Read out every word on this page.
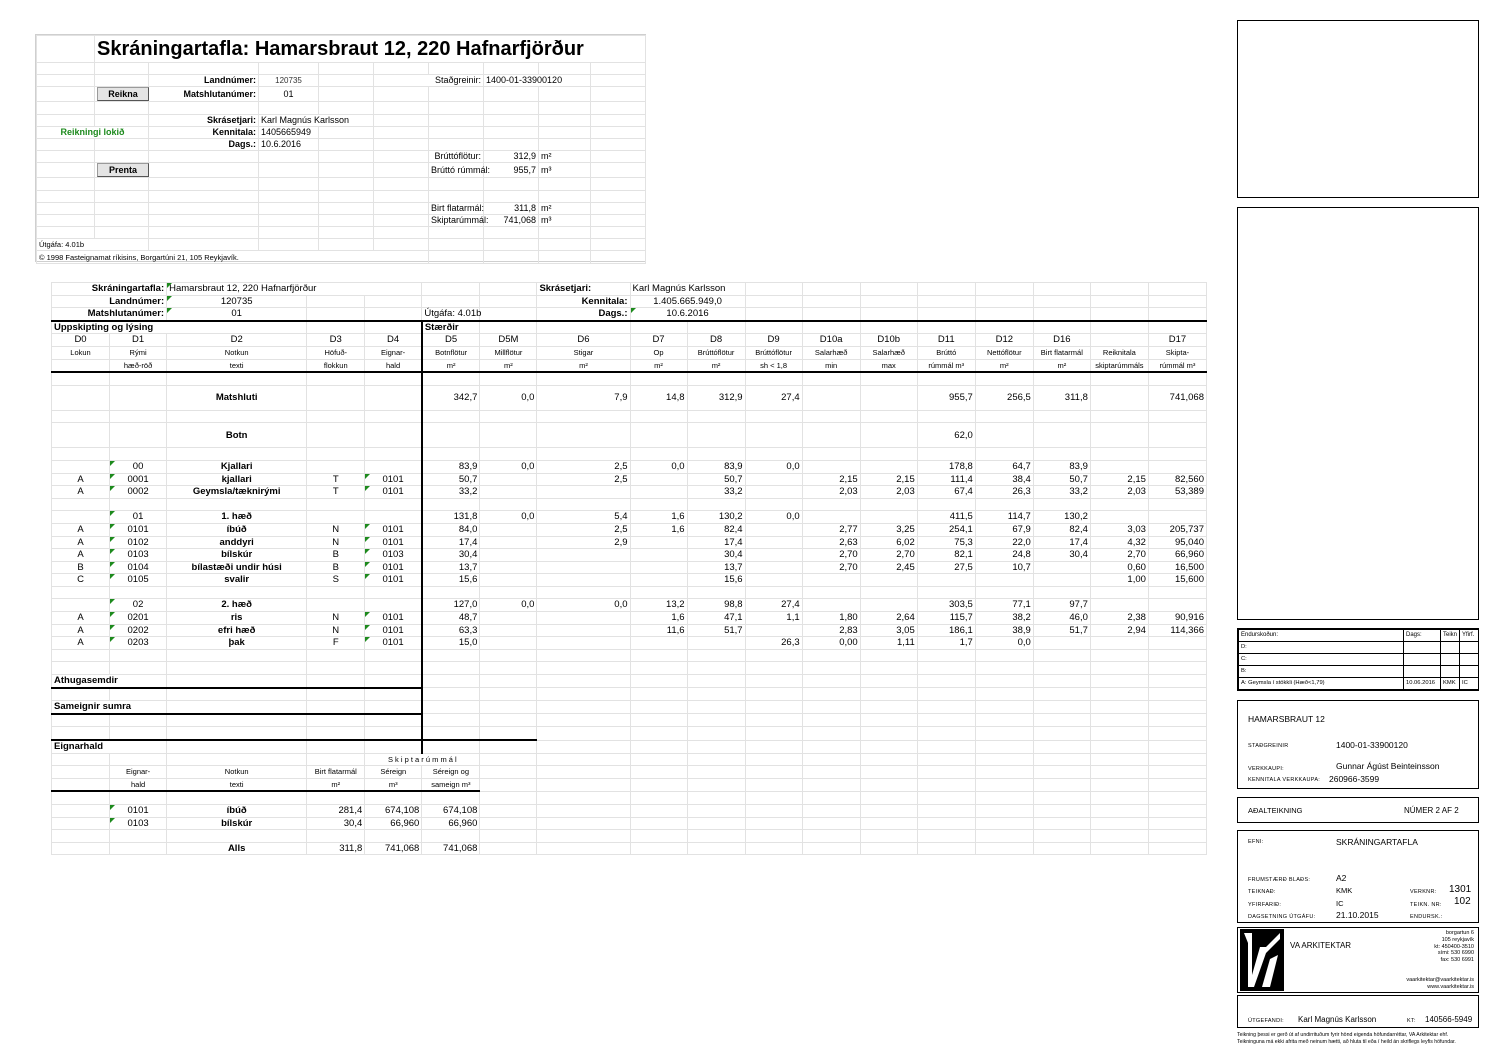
	Skráningartafla: Hamarsbraut 12, 220 Hafnarfjörður								

		Landnúmer:	120735		Staðgreinir:		1400-01-33900120		
	Reikna	Matshlutanúmer:	01						

		Skrásetjari:	Karl Magnús Karlsson						
Reikningi lokið		Kennitala:	1405665949						
		Dags.:	10.6.2016						
						Brúttóflötur:	312,9	m²	
	Prenta					Brúttó rúmmál:	955,7	m³	

						Birt flatarmál:	311,8	m²	
						Skiptarúmmál:	741,068	m³	

Útgáfa: 4.01b									
© 1998 Fasteignamat ríkisins, Borgartúni 21, 105 Reykjavík.									
Skráningartafla:		Hamarsbraut 12, 220 Hafnarfjörður					Skrásetjari:	Karl Magnús Karlsson									
Landnúmer:		120735					Kennitala:	1.405.665.949,0									
Matshlutanúmer:		01			Útgáfa: 4.01b		Dags.:	10.6.2016									
Uppskipting og lýsing					Stærðir												
D0	D1	D2	D3	D4	D5	D5M	D6	D7	D8	D9	D10a	D10b	D11	D12	D16		D17
Lokun	Rými	Notkun	Höfuð-	Eignar-	Botnflötur	Millflötur	Stigar	Op	Brúttóflötur	Brúttóflötur	Salarhæð	Salarhæð	Brúttó	Nettóflötur	Birt flatarmál	Reiknitala	Skipta-
	hæð-röð	texti	flokkun	hald	m²	m²	m²	m²	m²	sh < 1,8	min	max	rúmmál m³	m²	m²	skiptarúmmáls	rúmmál m³

		Matshluti			342,7	0,0	7,9	14,8	312,9	27,4			955,7	256,5	311,8		741,068

		Botn											62,0				

	00	Kjallari			83,9	0,0	2,5	0,0	83,9	0,0			178,8	64,7	83,9		
A	0001	kjallari	T	0101	50,7		2,5		50,7		2,15	2,15	111,4	38,4	50,7	2,15	82,560
A	0002	Geymsla/tæknirými	T	0101	33,2				33,2		2,03	2,03	67,4	26,3	33,2	2,03	53,389

	01	1. hæð			131,8	0,0	5,4	1,6	130,2	0,0			411,5	114,7	130,2		
A	0101	íbúð	N	0101	84,0		2,5	1,6	82,4		2,77	3,25	254,1	67,9	82,4	3,03	205,737
A	0102	anddyri	N	0101	17,4		2,9		17,4		2,63	6,02	75,3	22,0	17,4	4,32	95,040
A	0103	bílskúr	B	0103	30,4				30,4		2,70	2,70	82,1	24,8	30,4	2,70	66,960
B	0104	bílastæði undir húsi	B	0101	13,7				13,7		2,70	2,45	27,5	10,7		0,60	16,500
C	0105	svalir	S	0101	15,6				15,6							1,00	15,600

	02	2. hæð			127,0	0,0	0,0	13,2	98,8	27,4			303,5	77,1	97,7		
A	0201	ris	N	0101	48,7			1,6	47,1	1,1	1,80	2,64	115,7	38,2	46,0	2,38	90,916
A	0202	efri hæð	N	0101	63,3			11,6	51,7		2,83	3,05	186,1	38,9	51,7	2,94	114,366
A	0203	þak	F	0101	15,0					26,3	0,00	1,11	1,7	0,0			

Athugasemdir																	

Sameignir sumra																	

Eignarhald																	
				S k i p t a r ú m m á l													
	Eignar-	Notkun	Birt flatarmál	Séreign	Séreign og												
	hald	texti	m²	m³	sameign m³												

	0101	íbúð	281,4	674,108	674,108												
	0103	bílskúr	30,4	66,960	66,960												

		Alls	311,8	741,068	741,068												
Endurskoðun:	Dags:	Teikn	Yfirf.
D:			
C:			
B:			
A: Geymsla í stökkli (Hæð<1,79)	10.06.2016	KMK	IC
HAMARSBRAUT 12
STAÐGREINIR	1400-01-33900120
VERKKAUPI:	Gunnar Ágúst Beinteinsson
KENNITALA VERKKAUPA: 260966-3599
AÐALTEIKNING	NÚMER 2 AF 2
EFNI:	SKRÁNINGARTAFLA
FRUMSTÆRÐ BLAÐS:	A2
TEIKNAÐ:	KMK	VERKNR: 1301
YFIRFARIÐ:	IC	TEIKN. NR: 102
DAGSETNING ÚTGÁFU: 21.10.2015	ENDURSK.:
VA ARKITEKTAR
borgartun 6
105 reykjavík
kt: 450400-3510
sími: 530 6990
fax: 530 6991
vaarkitektar@vaarkitektar.is
www.vaarkitektar.is
ÚTGEFANDI: Karl Magnús Karlsson	KT: 140566-5949
Teikning þessi er gerð út af undirrituðum fyrir hönd eigenda höfundarréttar, VA Arkitektar ehf.
Teikninguna má ekki afrita með neinum hætti, að hluta til eða í heild án skriflegs leyfis höfundar.
